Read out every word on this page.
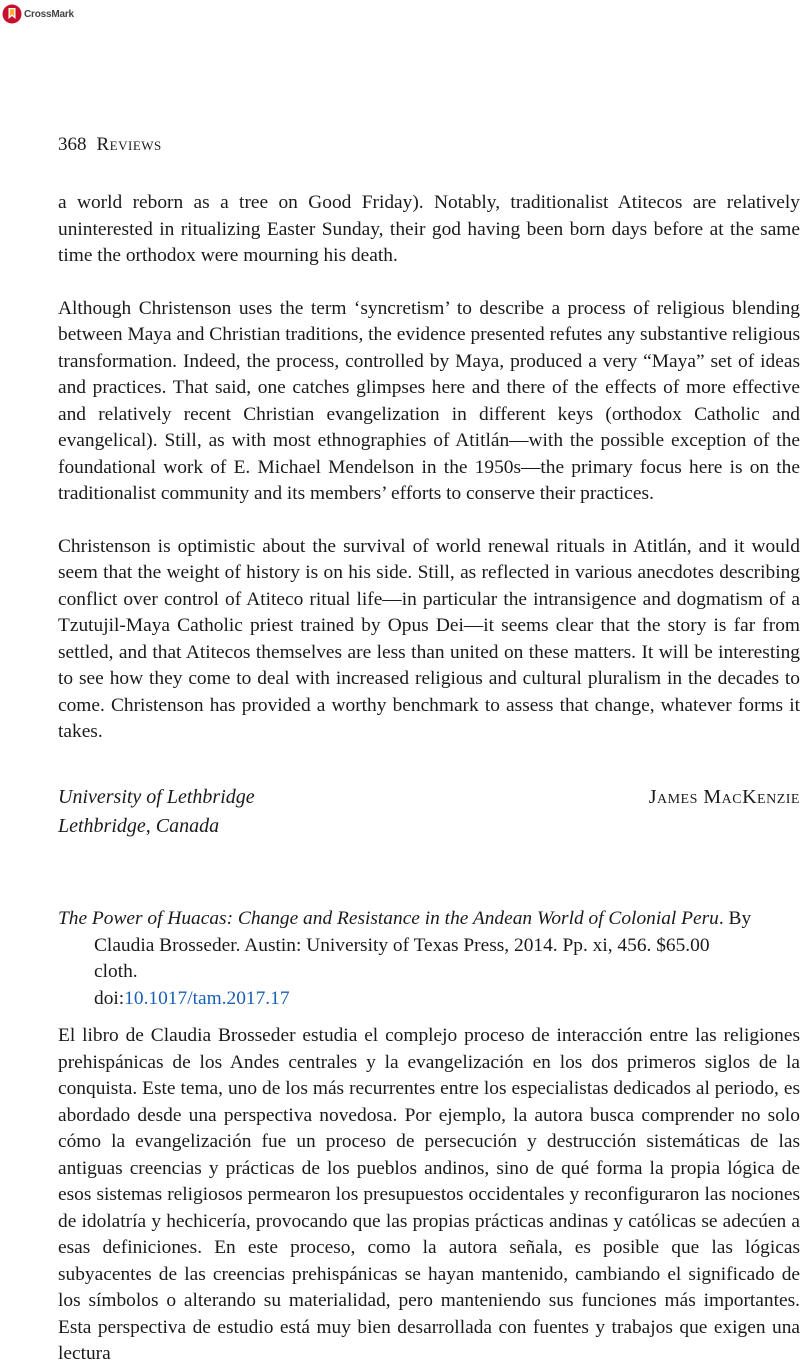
CrossMark
368 Reviews

a world reborn as a tree on Good Friday). Notably, traditionalist Atitecos are relatively uninterested in ritualizing Easter Sunday, their god having been born days before at the same time the orthodox were mourning his death.

Although Christenson uses the term ‘syncretism’ to describe a process of religious blending between Maya and Christian traditions, the evidence presented refutes any substantive religious transformation. Indeed, the process, controlled by Maya, produced a very “Maya” set of ideas and practices. That said, one catches glimpses here and there of the effects of more effective and relatively recent Christian evangelization in different keys (orthodox Catholic and evangelical). Still, as with most ethnographies of Atitlán—with the possible exception of the foundational work of E. Michael Mendelson in the 1950s—the primary focus here is on the traditionalist community and its members’ efforts to conserve their practices.

Christenson is optimistic about the survival of world renewal rituals in Atitlán, and it would seem that the weight of history is on his side. Still, as reflected in various anecdotes describing conflict over control of Atiteco ritual life—in particular the intransigence and dogmatism of a Tzutujil-Maya Catholic priest trained by Opus Dei—it seems clear that the story is far from settled, and that Atitecos themselves are less than united on these matters. It will be interesting to see how they come to deal with increased religious and cultural pluralism in the decades to come. Christenson has provided a worthy benchmark to assess that change, whatever forms it takes.

University of Lethbridge	James MacKenzie
Lethbridge, Canada
The Power of Huacas: Change and Resistance in the Andean World of Colonial Peru. By
Claudia Brosseder. Austin: University of Texas Press, 2014. Pp. xi, 456. $65.00
cloth.
doi:10.1017/tam.2017.17

El libro de Claudia Brosseder estudia el complejo proceso de interacción entre las religiones prehispánicas de los Andes centrales y la evangelización en los dos primeros siglos de la conquista. Este tema, uno de los más recurrentes entre los especialistas dedicados al periodo, es abordado desde una perspectiva novedosa. Por ejemplo, la autora busca comprender no solo cómo la evangelización fue un proceso de persecución y destrucción sistemáticas de las antiguas creencias y prácticas de los pueblos andinos, sino de qué forma la propia lógica de esos sistemas religiosos permearon los presupuestos occidentales y reconfiguraron las nociones de idolatría y hechicería, provocando que las propias prácticas andinas y católicas se adecúen a esas definiciones. En este proceso, como la autora señala, es posible que las lógicas subyacentes de las creencias prehispánicas se hayan mantenido, cambiando el significado de los símbolos o alterando su materialidad, pero manteniendo sus funciones más importantes. Esta perspectiva de estudio está muy bien desarrollada con fuentes y trabajos que exigen una lectura
